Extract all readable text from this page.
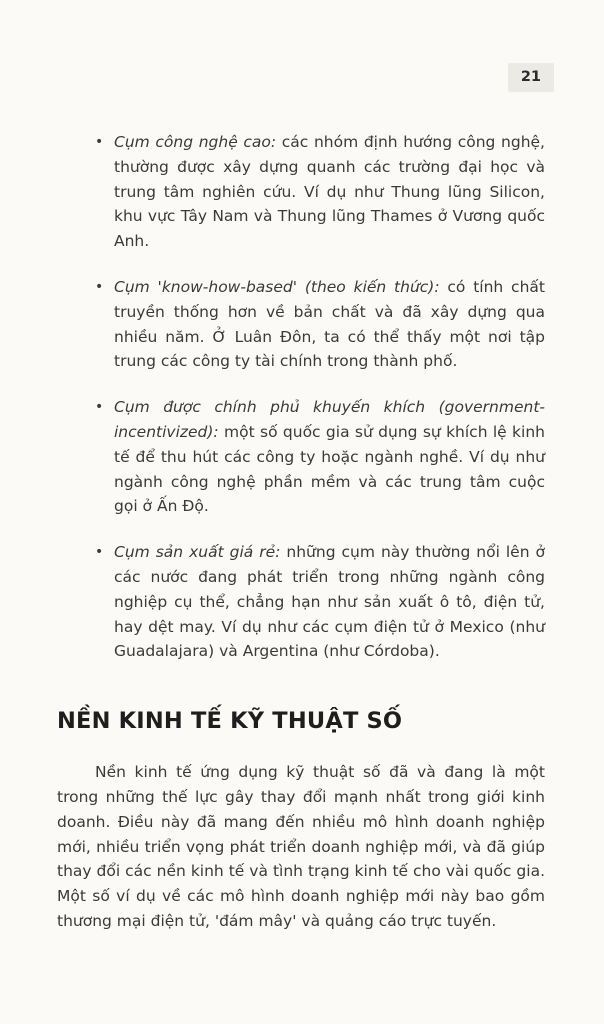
21
• Cụm công nghệ cao: các nhóm định hướng công nghệ, thường được xây dựng quanh các trường đại học và trung tâm nghiên cứu. Ví dụ như Thung lũng Silicon, khu vực Tây Nam và Thung lũng Thames ở Vương quốc Anh.
• Cụm 'know-how-based' (theo kiến thức): có tính chất truyền thống hơn về bản chất và đã xây dựng qua nhiều năm. Ở Luân Đôn, ta có thể thấy một nơi tập trung các công ty tài chính trong thành phố.
• Cụm được chính phủ khuyến khích (government-incentivized): một số quốc gia sử dụng sự khích lệ kinh tế để thu hút các công ty hoặc ngành nghề. Ví dụ như ngành công nghệ phần mềm và các trung tâm cuộc gọi ở Ấn Độ.
• Cụm sản xuất giá rẻ: những cụm này thường nổi lên ở các nước đang phát triển trong những ngành công nghiệp cụ thể, chẳng hạn như sản xuất ô tô, điện tử, hay dệt may. Ví dụ như các cụm điện tử ở Mexico (như Guadalajara) và Argentina (như Córdoba).
NỀN KINH TẾ KỸ THUẬT SỐ

Nền kinh tế ứng dụng kỹ thuật số đã và đang là một trong những thế lực gây thay đổi mạnh nhất trong giới kinh doanh. Điều này đã mang đến nhiều mô hình doanh nghiệp mới, nhiều triển vọng phát triển doanh nghiệp mới, và đã giúp thay đổi các nền kinh tế và tình trạng kinh tế cho vài quốc gia. Một số ví dụ về các mô hình doanh nghiệp mới này bao gồm thương mại điện tử, 'đám mây' và quảng cáo trực tuyến.
